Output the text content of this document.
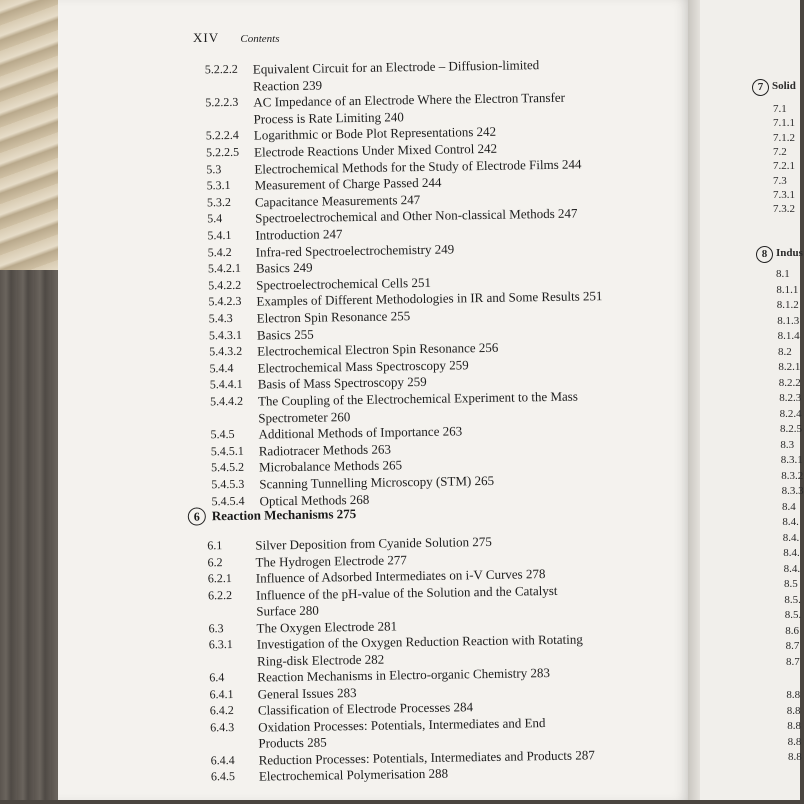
7 Solid
7.1
7.1.1
7.1.2
7.2
7.2.1
7.3
7.3.1
7.3.2
8 Indus
8.1
8.1.1
8.1.2
8.1.3
8.1.4
8.2
8.2.1
8.2.2
8.2.3
8.2.4
8.2.5
8.3
8.3.1
8.3.2
8.3.3
8.4
8.4.
8.4.
8.4.
8.4.
8.5
8.5.
8.5.
8.6
8.7
8.7
8.8
8.8
8.8
8.8
8.8
XIV Contents
5.2.2.2 Equivalent Circuit for an Electrode – Diffusion-limited
Reaction 239
5.2.2.3 AC Impedance of an Electrode Where the Electron Transfer
Process is Rate Limiting 240
5.2.2.4 Logarithmic or Bode Plot Representations 242
5.2.2.5 Electrode Reactions Under Mixed Control 242
5.3	Electrochemical Methods for the Study of Electrode Films 244
5.3.1 Measurement of Charge Passed 244
5.3.2 Capacitance Measurements 247
5.4	Spectroelectrochemical and Other Non-classical Methods 247
5.4.1 Introduction 247
5.4.2 Infra-red Spectroelectrochemistry 249
5.4.2.1 Basics 249
5.4.2.2 Spectroelectrochemical Cells 251
5.4.2.3 Examples of Different Methodologies in IR and Some Results 251
5.4.3 Electron Spin Resonance 255
5.4.3.1 Basics 255
5.4.3.2 Electrochemical Electron Spin Resonance 256
5.4.4 Electrochemical Mass Spectroscopy 259
5.4.4.1 Basis of Mass Spectroscopy 259
5.4.4.2 The Coupling of the Electrochemical Experiment to the Mass
Spectrometer 260
5.4.5 Additional Methods of Importance 263
5.4.5.1 Radiotracer Methods 263
5.4.5.2 Microbalance Methods 265
5.4.5.3 Scanning Tunnelling Microscopy (STM) 265
5.4.5.4 Optical Methods 268
6 Reaction Mechanisms 275
6.1	Silver Deposition from Cyanide Solution 275
6.2	The Hydrogen Electrode 277
6.2.1 Influence of Adsorbed Intermediates on i-V Curves 278
6.2.2 Influence of the pH-value of the Solution and the Catalyst
Surface 280
6.3	The Oxygen Electrode 281
6.3.1 Investigation of the Oxygen Reduction Reaction with Rotating
Ring-disk Electrode 282
6.4	Reaction Mechanisms in Electro-organic Chemistry 283
6.4.1 General Issues 283
6.4.2 Classification of Electrode Processes 284
6.4.3 Oxidation Processes: Potentials, Intermediates and End
Products 285
6.4.4 Reduction Processes: Potentials, Intermediates and Products 287
6.4.5 Electrochemical Polymerisation 288
